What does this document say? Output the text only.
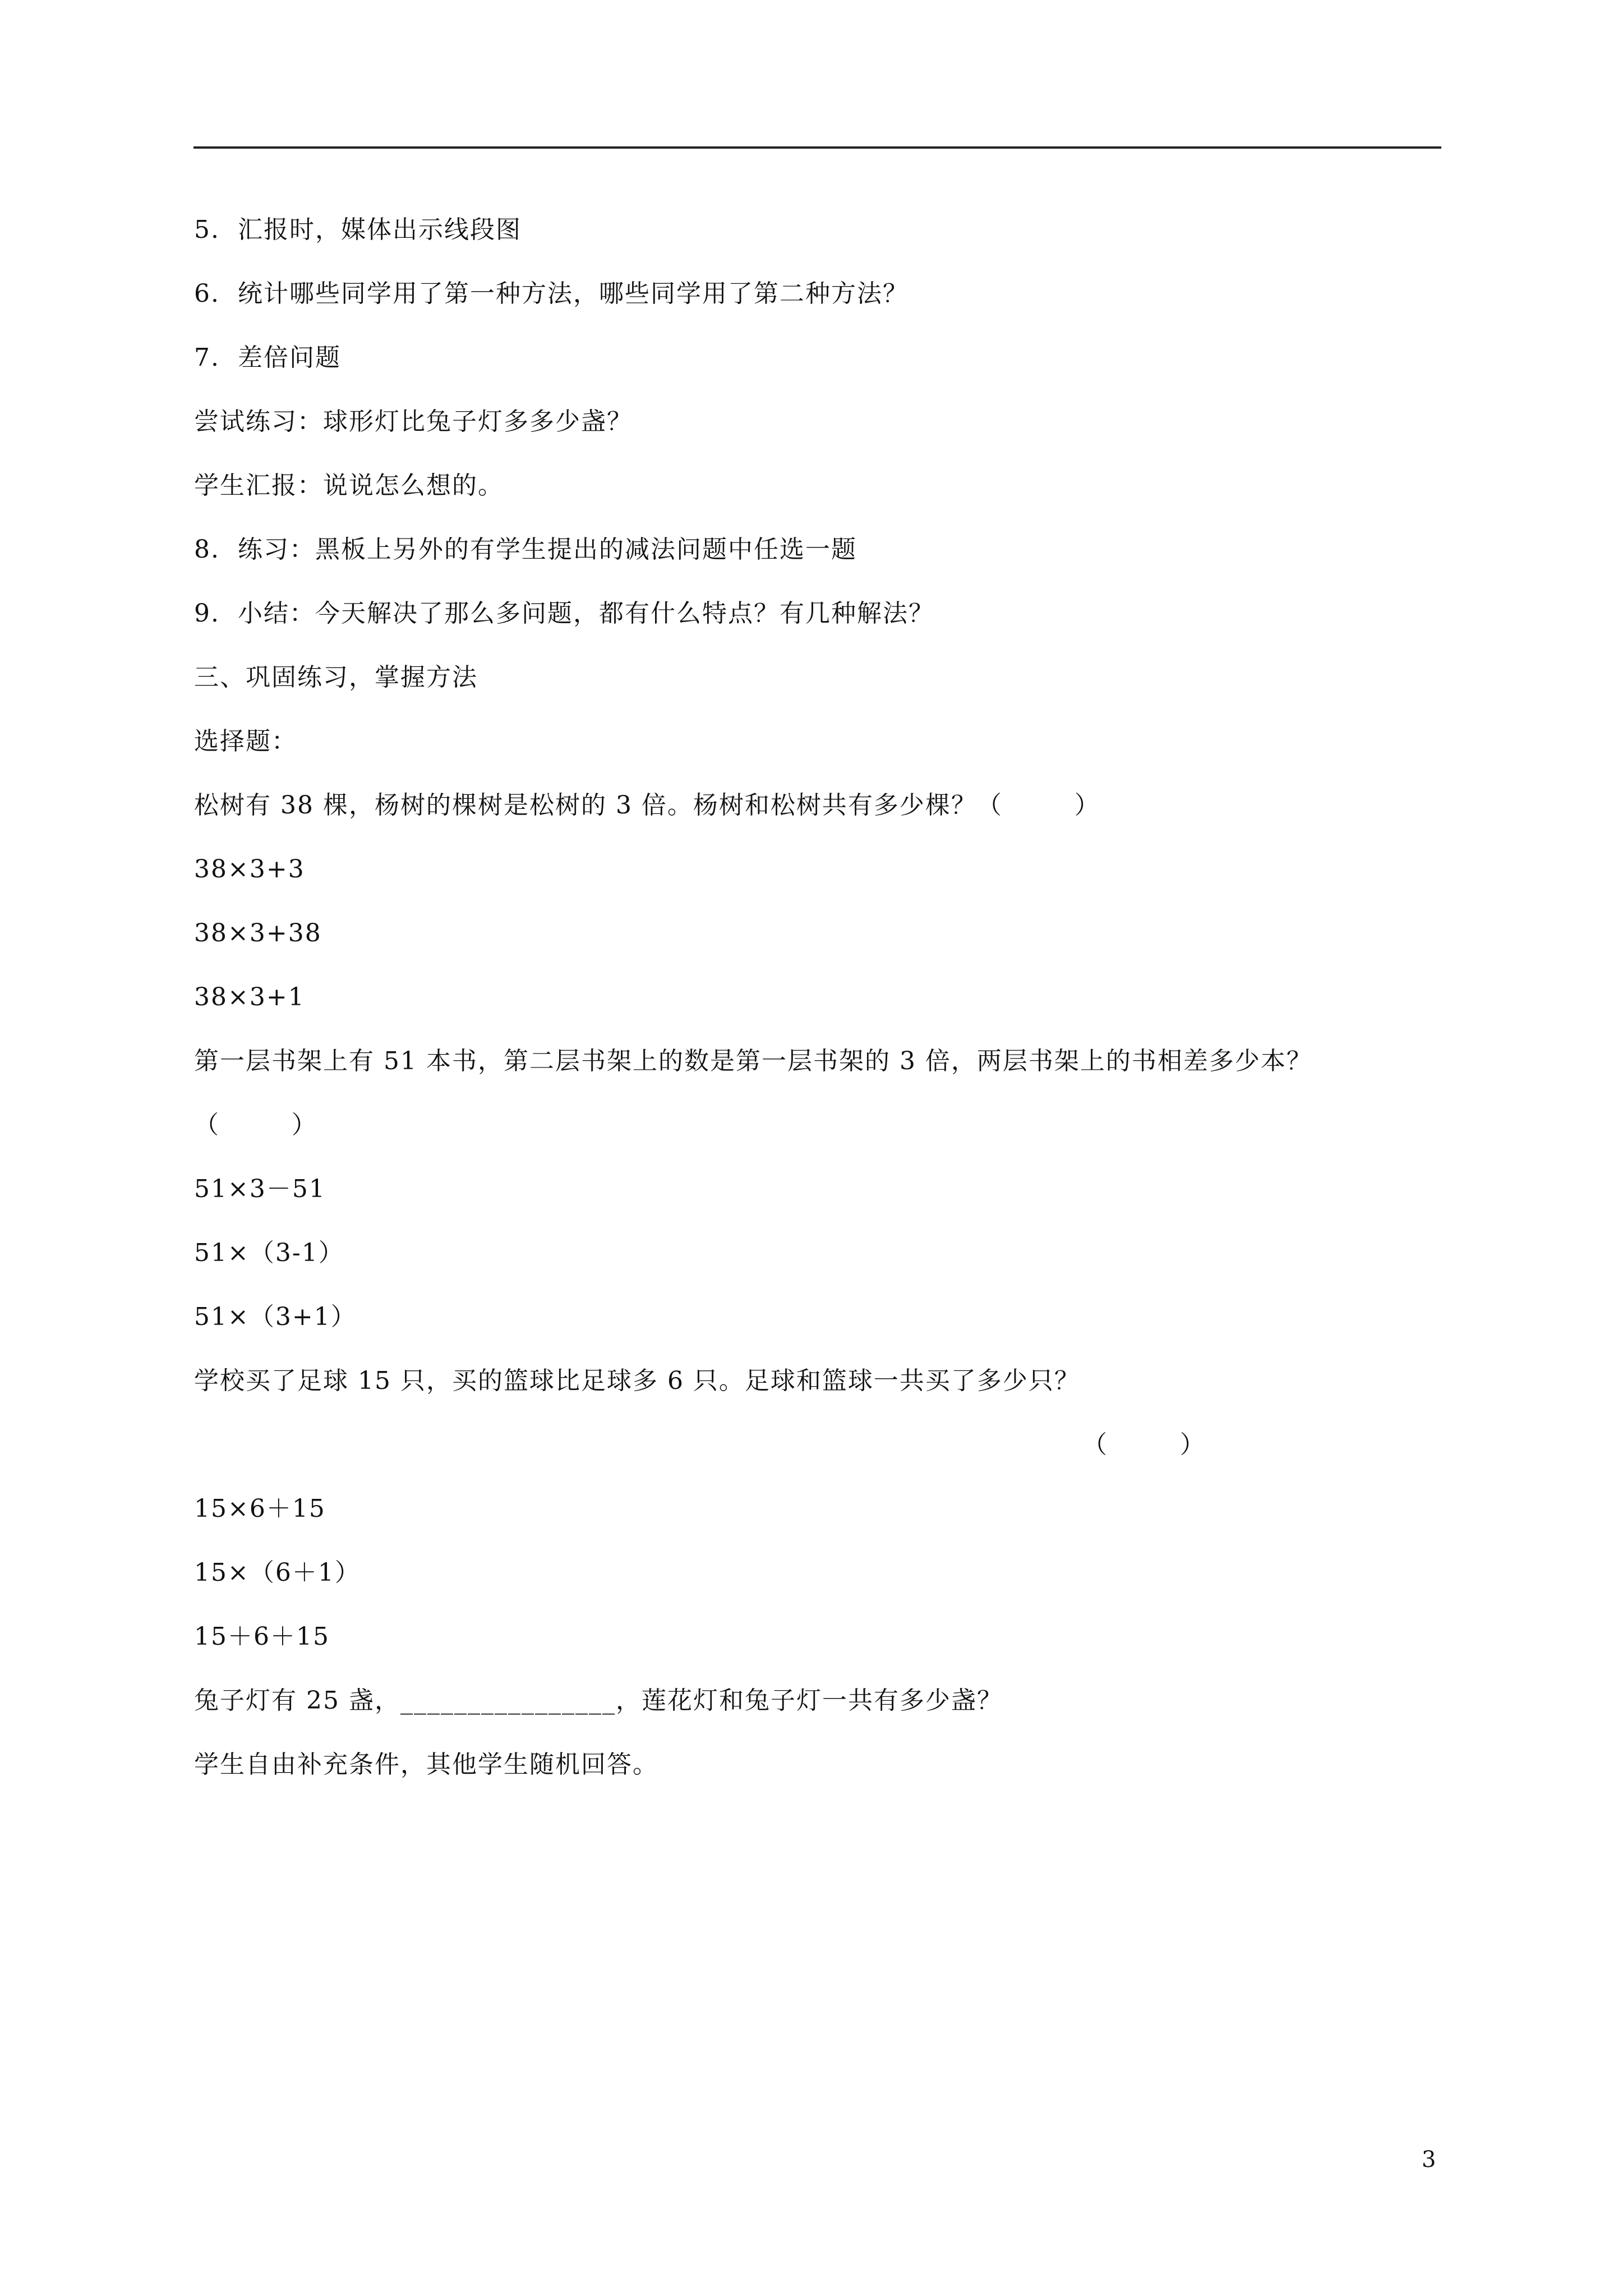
5.  汇报时，媒体出示线段图
6.  统计哪些同学用了第一种方法，哪些同学用了第二种方法？
7.  差倍问题
尝试练习：球形灯比兔子灯多多少盏？
学生汇报：说说怎么想的。
8.  练习：黑板上另外的有学生提出的减法问题中任选一题
9.  小结：今天解决了那么多问题，都有什么特点？有几种解法？
三、巩固练习，掌握方法
选择题：
松树有 38 棵，杨树的棵树是松树的 3 倍。杨树和松树共有多少棵？（        ）
38×3+3
38×3+38
38×3+1
第一层书架上有 51 本书，第二层书架上的数是第一层书架的 3 倍，两层书架上的书相差多少本？
（        ）
51×3－51
51×（3-1）
51×（3+1）
学校买了足球 15 只，买的篮球比足球多 6 只。足球和篮球一共买了多少只？
（        ）
15×6＋15
15×（6＋1）
15＋6＋15
兔子灯有 25 盏，________________，莲花灯和兔子灯一共有多少盏？
学生自由补充条件，其他学生随机回答。
3
